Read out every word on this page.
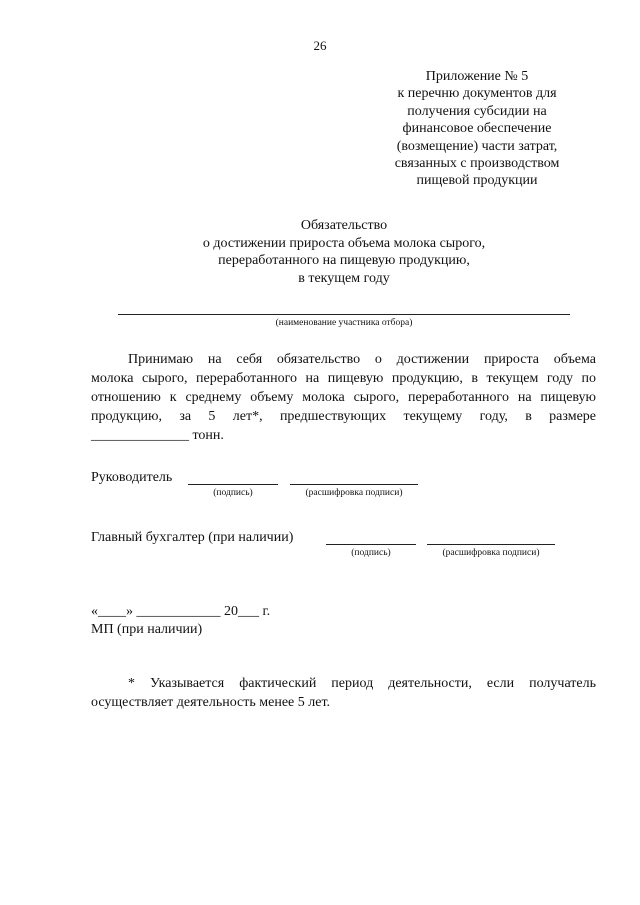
26
Приложение № 5
к перечню документов для
получения субсидии на
финансовое обеспечение
(возмещение) части затрат,
связанных с производством
пищевой продукции
Обязательство
о достижении прироста объема молока сырого,
переработанного на пищевую продукцию,
в текущем году
(наименование участника отбора)
Принимаю на себя обязательство о достижении прироста объема
молока сырого, переработанного на пищевую продукцию, в текущем году по
отношению к среднему объему молока сырого, переработанного на пищевую
продукцию, за 5 лет*, предшествующих текущему году, в размере
______________ тонн.
Руководитель
(подпись)	(расшифровка подписи)
Главный бухгалтер (при наличии)
(подпись)	(расшифровка подписи)
«____» ____________ 20___ г.
МП (при наличии)
* Указывается фактический период деятельности, если получатель
осуществляет деятельность менее 5 лет.
